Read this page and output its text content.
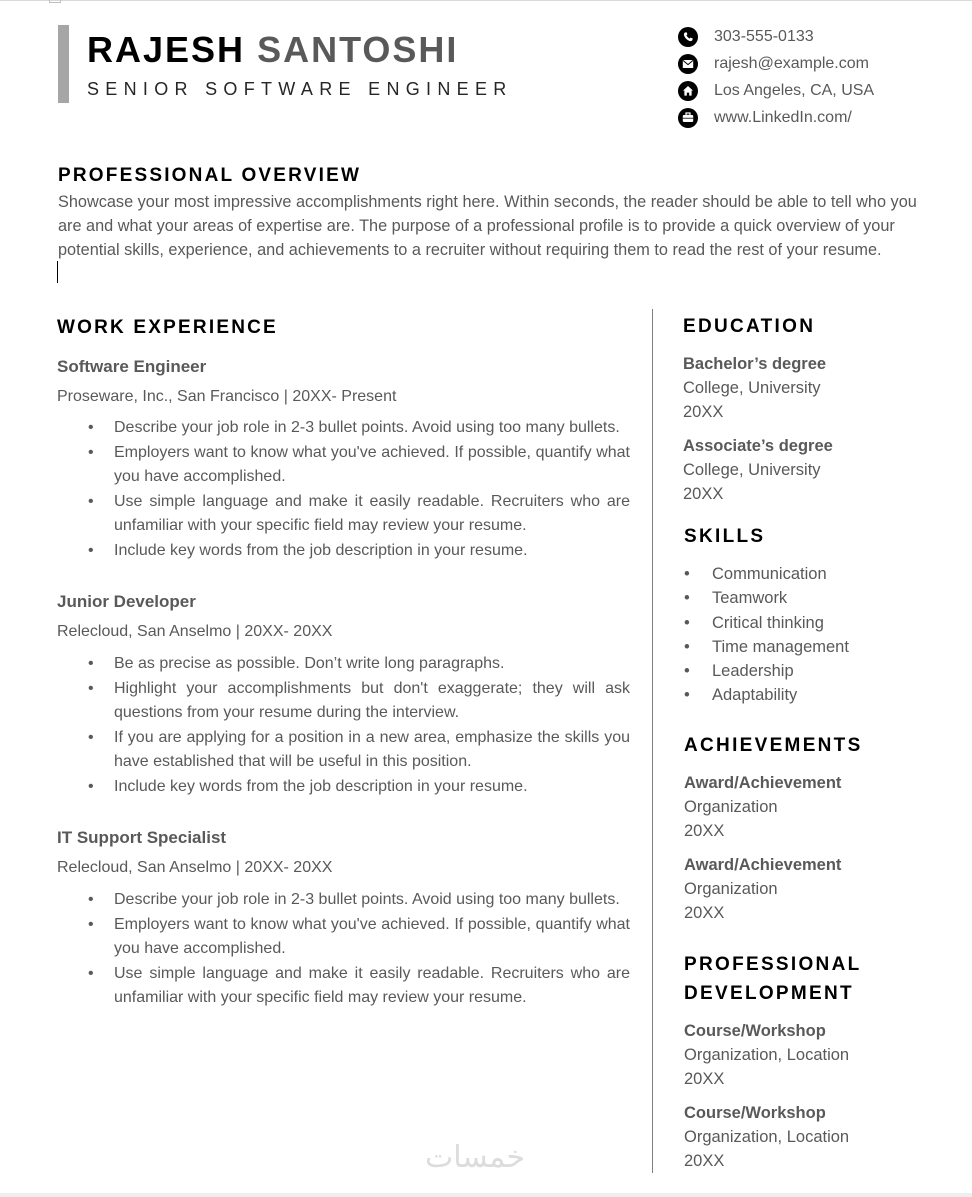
RAJESH SANTOSHI
SENIOR SOFTWARE ENGINEER
303-555-0133
rajesh@example.com
Los Angeles, CA, USA
www.LinkedIn.com/
PROFESSIONAL OVERVIEW

Showcase your most impressive accomplishments right here. Within seconds, the reader should be able to tell who you are and what your areas of expertise are. The purpose of a professional profile is to provide a quick overview of your potential skills, experience, and achievements to a recruiter without requiring them to read the rest of your resume.

WORK EXPERIENCE
Software Engineer
Proseware, Inc., San Francisco | 20XX- Present
• Describe your job role in 2-3 bullet points. Avoid using too many bullets.
• Employers want to know what you've achieved. If possible, quantify what you have accomplished.
• Use simple language and make it easily readable. Recruiters who are unfamiliar with your specific field may review your resume.
• Include key words from the job description in your resume.
Junior Developer
Relecloud, San Anselmo | 20XX- 20XX
• Be as precise as possible. Don’t write long paragraphs.
• Highlight your accomplishments but don't exaggerate; they will ask questions from your resume during the interview.
• If you are applying for a position in a new area, emphasize the skills you have established that will be useful in this position.
• Include key words from the job description in your resume.
IT Support Specialist
Relecloud, San Anselmo | 20XX- 20XX
• Describe your job role in 2-3 bullet points. Avoid using too many bullets.
• Employers want to know what you've achieved. If possible, quantify what you have accomplished.
• Use simple language and make it easily readable. Recruiters who are unfamiliar with your specific field may review your resume.
EDUCATION
Bachelor’s degree
College, University
20XX
Associate’s degree
College, University
20XX
SKILLS
• Communication
• Teamwork
• Critical thinking
• Time management
• Leadership
• Adaptability
ACHIEVEMENTS
Award/Achievement
Organization
20XX
Award/Achievement
Organization
20XX
PROFESSIONAL
DEVELOPMENT
Course/Workshop
Organization, Location
20XX
Course/Workshop
Organization, Location
20XX
خمسات
